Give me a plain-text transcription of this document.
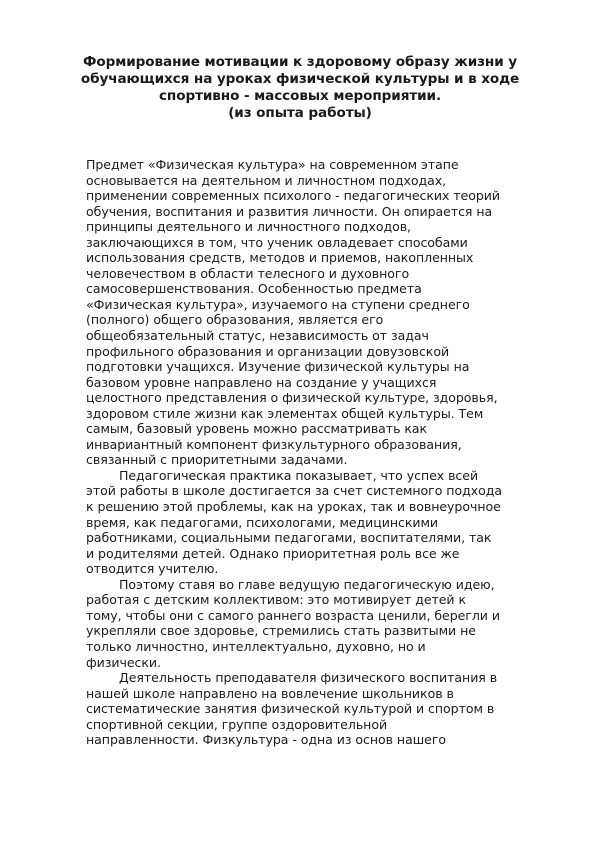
Формирование мотивации к здоровому образу жизни у
обучающихся на уроках физической культуры и в ходе
спортивно - массовых мероприятии.
(из опыта работы)
Предмет «Физическая культура» на современном этапе
основывается на деятельном и личностном подходах,
применении современных психолого - педагогических теорий
обучения, воспитания и развития личности. Он опирается на
принципы деятельного и личностного подходов,
заключающихся в том, что ученик овладевает способами
использования средств, методов и приемов, накопленных
человечеством в области телесного и духовного
самосовершенствования. Особенностью предмета
«Физическая культура», изучаемого на ступени среднего
(полного) общего образования, является его
общеобязательный статус, независимость от задач
профильного образования и организации довузовской
подготовки учащихся. Изучение физической культуры на
базовом уровне направлено на создание у учащихся
целостного представления о физической культуре, здоровья,
здоровом стиле жизни как элементах общей культуры. Тем
самым, базовый уровень можно рассматривать как
инвариантный компонент физкультурного образования,
связанный с приоритетными задачами.
Педагогическая практика показывает, что успех всей
этой работы в школе достигается за счет системного подхода
к решению этой проблемы, как на уроках, так и вовнеурочное
время, как педагогами, психологами, медицинскими
работниками, социальными педагогами, воспитателями, так
и родителями детей. Однако приоритетная роль все же
отводится учителю.
Поэтому ставя во главе ведущую педагогическую идею,
работая с детским коллективом: это мотивирует детей к
тому, чтобы они с самого раннего возраста ценили, берегли и
укрепляли свое здоровье, стремились стать развитыми не
только личностно, интеллектуально, духовно, но и
физически.
Деятельность преподавателя физического воспитания в
нашей школе направлено на вовлечение школьников в
систематические занятия физической культурой и спортом в
спортивной секции, группе оздоровительной
направленности. Физкультура - одна из основ нашего
